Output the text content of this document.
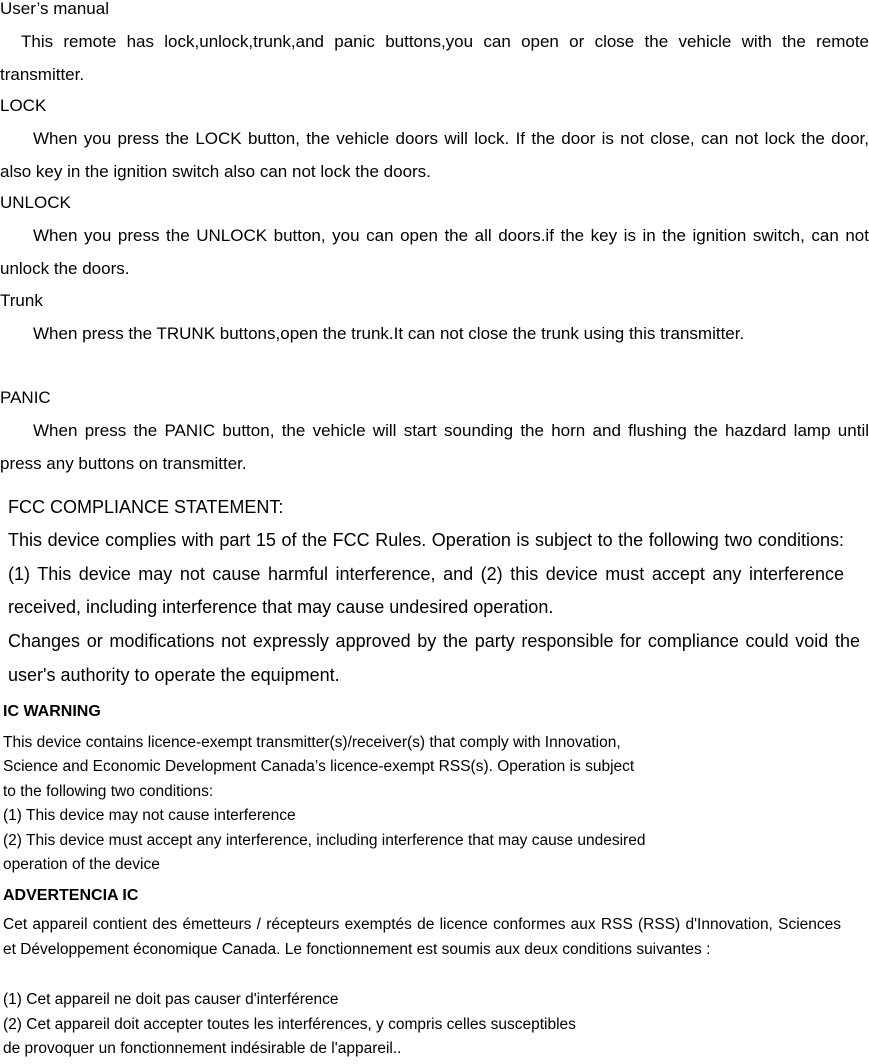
User’s manual

This remote has lock,unlock,trunk,and panic buttons,you can open or close the vehicle with the remote transmitter.

LOCK

When you press the LOCK button, the vehicle doors will lock. If the door is not close, can not lock the door, also key in the ignition switch also can not lock the doors.

UNLOCK

When you press the UNLOCK button, you can open the all doors.if the key is in the ignition switch, can not unlock the doors.

Trunk

When press the TRUNK buttons,open the trunk.It can not close the trunk using this transmitter.

PANIC

When press the PANIC button, the vehicle will start sounding the horn and flushing the hazdard lamp until press any buttons on transmitter.

FCC COMPLIANCE STATEMENT:

This device complies with part 15 of the FCC Rules. Operation is subject to the following two conditions: (1) This device may not cause harmful interference, and (2) this device must accept any interference received, including interference that may cause undesired operation.

Changes or modifications not expressly approved by the party responsible for compliance could void the user's authority to operate the equipment.

IC WARNING

This device contains licence-exempt transmitter(s)/receiver(s) that comply with Innovation,

Science and Economic Development Canada’s licence-exempt RSS(s). Operation is subject

to the following two conditions:

(1) This device may not cause interference

(2) This device must accept any interference, including interference that may cause undesired

operation of the device

ADVERTENCIA IC

Cet appareil contient des émetteurs / récepteurs exemptés de licence conformes aux RSS (RSS) d'Innovation, Sciences et Développement économique Canada. Le fonctionnement est soumis aux deux conditions suivantes :

(1) Cet appareil ne doit pas causer d'interférence

(2) Cet appareil doit accepter toutes les interférences, y compris celles susceptibles

de provoquer un fonctionnement indésirable de l'appareil..
